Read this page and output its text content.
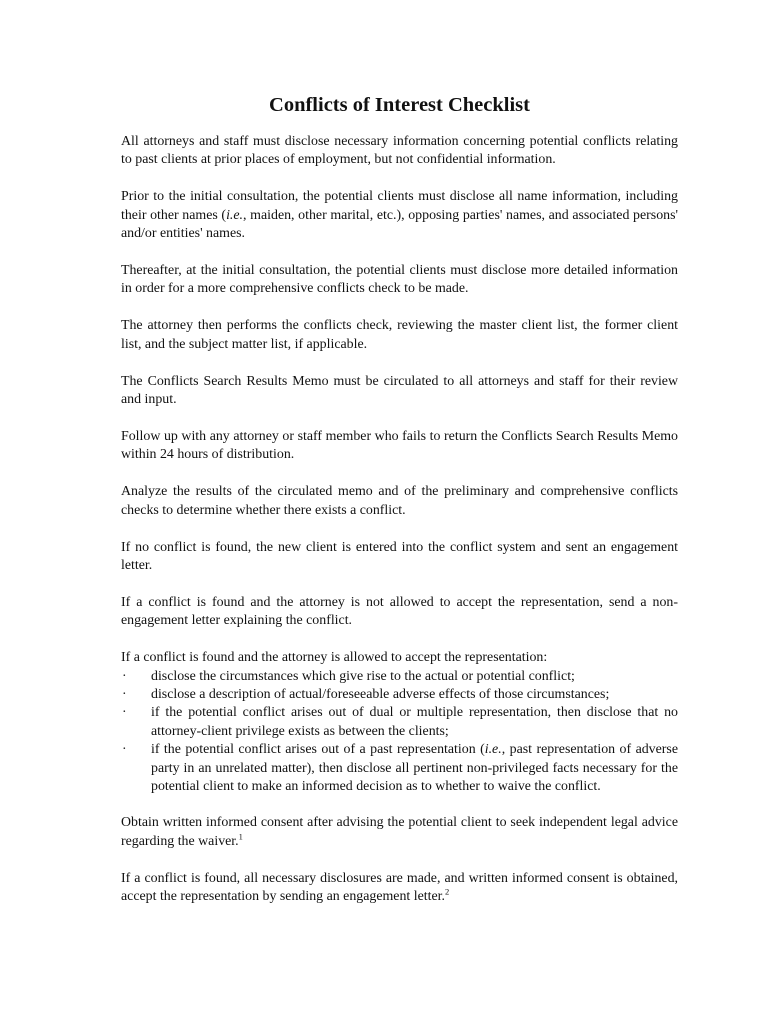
Conflicts of Interest Checklist

All attorneys and staff must disclose necessary information concerning potential conflicts relating to past clients at prior places of employment, but not confidential information.

Prior to the initial consultation, the potential clients must disclose all name information, including their other names (i.e., maiden, other marital, etc.), opposing parties' names, and associated persons' and/or entities' names.

Thereafter, at the initial consultation, the potential clients must disclose more detailed information in order for a more comprehensive conflicts check to be made.

The attorney then performs the conflicts check, reviewing the master client list, the former client list, and the subject matter list, if applicable.

The Conflicts Search Results Memo must be circulated to all attorneys and staff for their review and input.

Follow up with any attorney or staff member who fails to return the Conflicts Search Results Memo within 24 hours of distribution.

Analyze the results of the circulated memo and of the preliminary and comprehensive conflicts checks to determine whether there exists a conflict.

If no conflict is found, the new client is entered into the conflict system and sent an engagement letter.

If a conflict is found and the attorney is not allowed to accept the representation, send a non-engagement letter explaining the conflict.

If a conflict is found and the attorney is allowed to accept the representation:

· disclose the circumstances which give rise to the actual or potential conflict;
· disclose a description of actual/foreseeable adverse effects of those circumstances;
· if the potential conflict arises out of dual or multiple representation, then disclose that no attorney-client privilege exists as between the clients;
· if the potential conflict arises out of a past representation (i.e., past representation of adverse party in an unrelated matter), then disclose all pertinent non-privileged facts necessary for the potential client to make an informed decision as to whether to waive the conflict.

Obtain written informed consent after advising the potential client to seek independent legal advice regarding the waiver.$^1$

If a conflict is found, all necessary disclosures are made, and written informed consent is obtained, accept the representation by sending an engagement letter.$^2$
